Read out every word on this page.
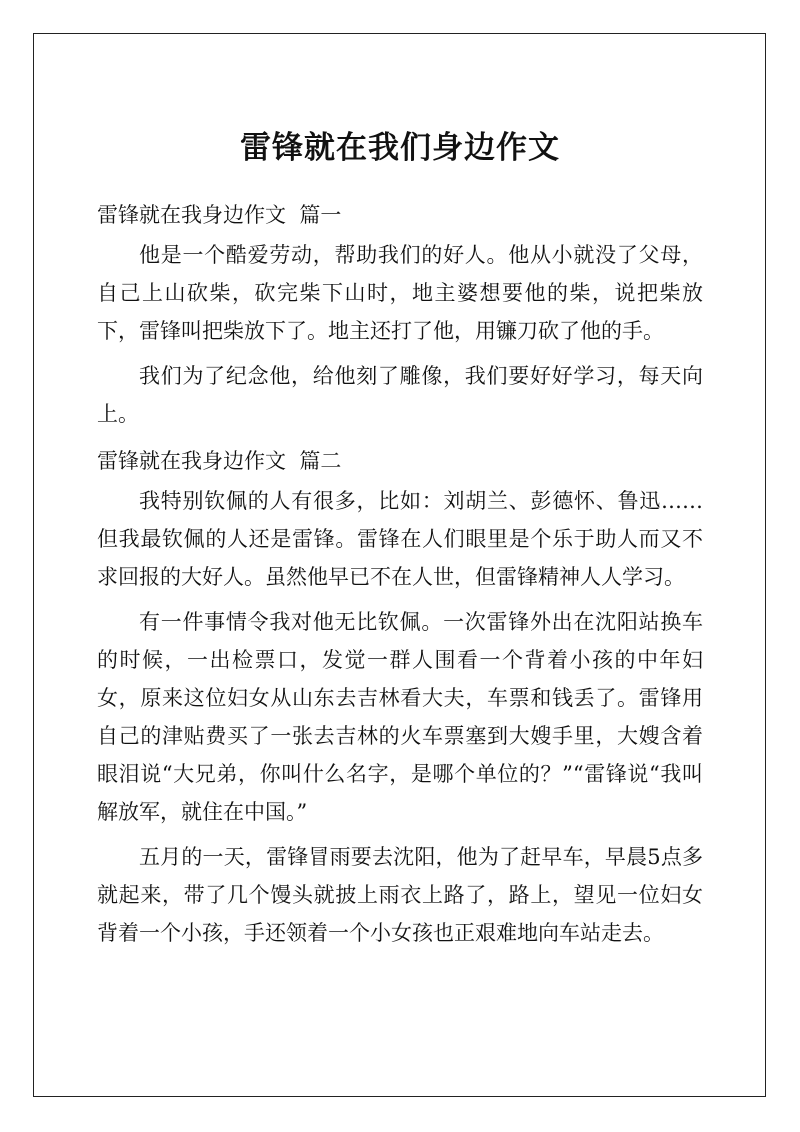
雷锋就在我们身边作文
雷锋就在我身边作文  篇一

他是一个酷爱劳动，帮助我们的好人。他从小就没了父母，自己上山砍柴，砍完柴下山时，地主婆想要他的柴，说把柴放下，雷锋叫把柴放下了。地主还打了他，用镰刀砍了他的手。

我们为了纪念他，给他刻了雕像，我们要好好学习，每天向上。

雷锋就在我身边作文  篇二

我特别钦佩的人有很多，比如：刘胡兰、彭德怀、鲁迅……但我最钦佩的人还是雷锋。雷锋在人们眼里是个乐于助人而又不求回报的大好人。虽然他早已不在人世，但雷锋精神人人学习。

有一件事情令我对他无比钦佩。一次雷锋外出在沈阳站换车的时候，一出检票口，发觉一群人围看一个背着小孩的中年妇女，原来这位妇女从山东去吉林看大夫，车票和钱丢了。雷锋用自己的津贴费买了一张去吉林的火车票塞到大嫂手里，大嫂含着眼泪说“大兄弟，你叫什么名字，是哪个单位的？”“雷锋说“我叫解放军，就住在中国。”

五月的一天，雷锋冒雨要去沈阳，他为了赶早车，早晨5点多就起来，带了几个馒头就披上雨衣上路了，路上，望见一位妇女背着一个小孩，手还领着一个小女孩也正艰难地向车站走去。
